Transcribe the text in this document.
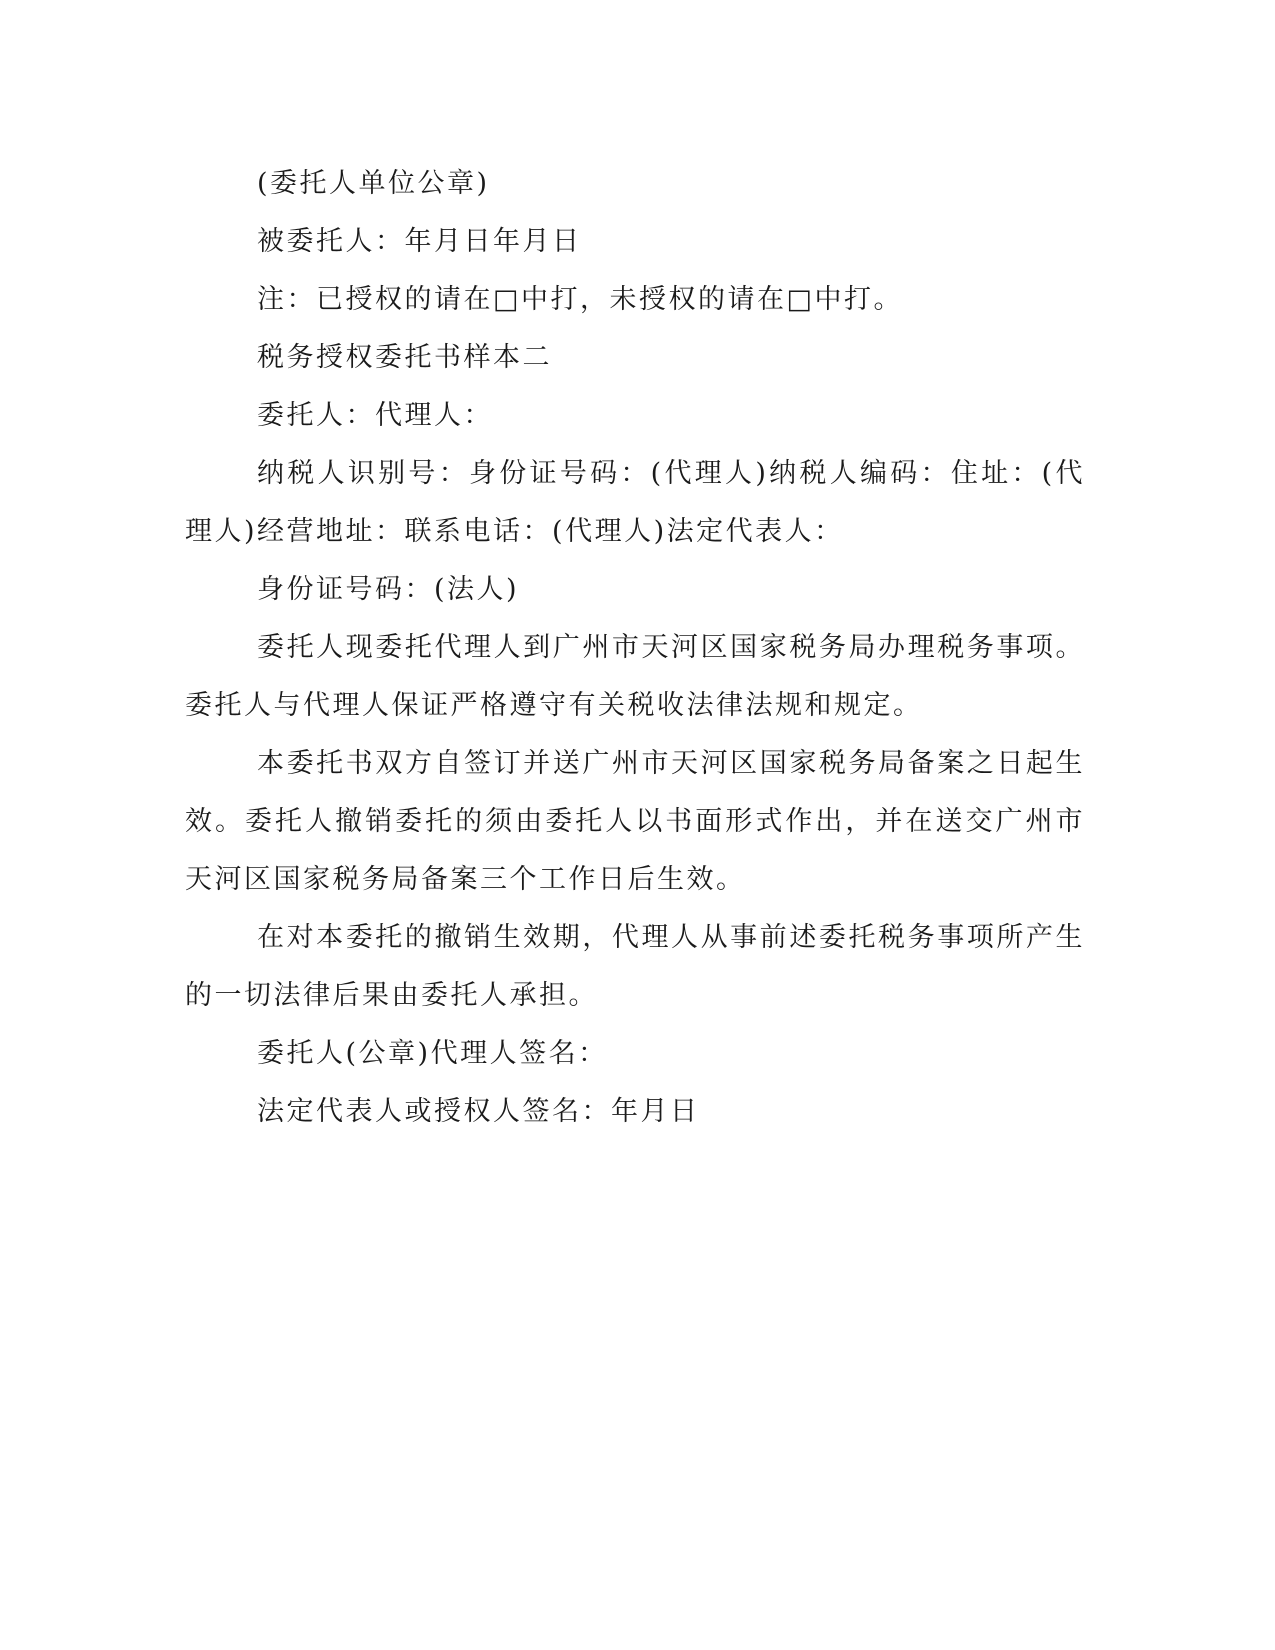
(委托人单位公章)

被委托人：年月日年月日

注：已授权的请在□中打，未授权的请在□中打。

税务授权委托书样本二

委托人：代理人：

纳税人识别号：身份证号码：(代理人)纳税人编码：住址：(代理人)经营地址：联系电话：(代理人)法定代表人：

身份证号码：(法人)

委托人现委托代理人到广州市天河区国家税务局办理税务事项。委托人与代理人保证严格遵守有关税收法律法规和规定。

本委托书双方自签订并送广州市天河区国家税务局备案之日起生效。委托人撤销委托的须由委托人以书面形式作出，并在送交广州市天河区国家税务局备案三个工作日后生效。

在对本委托的撤销生效期，代理人从事前述委托税务事项所产生的一切法律后果由委托人承担。

委托人(公章)代理人签名：

法定代表人或授权人签名：年月日
